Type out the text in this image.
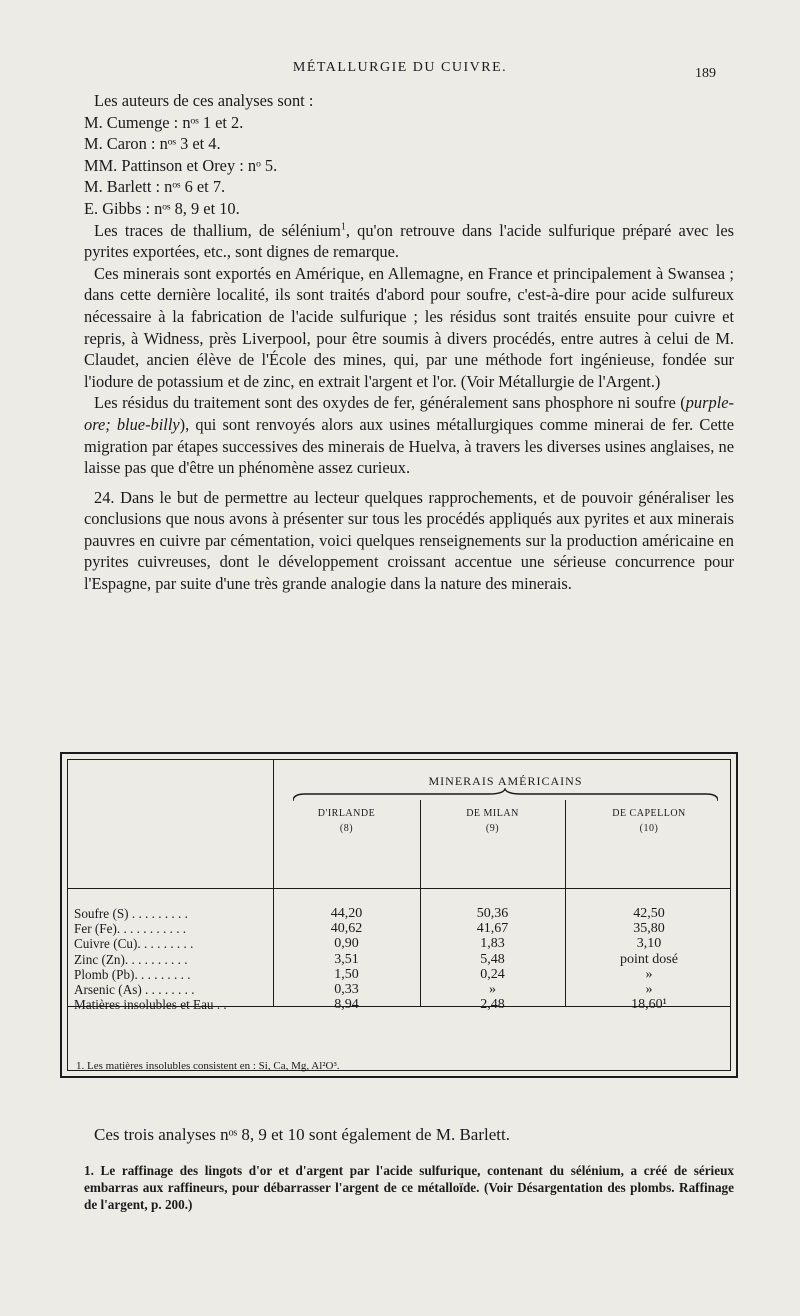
MÉTALLURGIE DU CUIVRE.	189

Les auteurs de ces analyses sont :

M. Cumenge : nᵒˢ 1 et 2.

M. Caron : nᵒˢ 3 et 4.

MM. Pattinson et Orey : nᵒ 5.

M. Barlett : nᵒˢ 6 et 7.

E. Gibbs : nᵒˢ 8, 9 et 10.

Les traces de thallium, de sélénium$^1$, qu'on retrouve dans l'acide sulfurique préparé avec les pyrites exportées, etc., sont dignes de remarque.

Ces minerais sont exportés en Amérique, en Allemagne, en France et principalement à Swansea ; dans cette dernière localité, ils sont traités d'abord pour soufre, c'est-à-dire pour acide sulfureux nécessaire à la fabrication de l'acide sulfurique ; les résidus sont traités ensuite pour cuivre et repris, à Widness, près Liverpool, pour être soumis à divers procédés, entre autres à celui de M. Claudet, ancien élève de l'École des mines, qui, par une méthode fort ingénieuse, fondée sur l'iodure de potassium et de zinc, en extrait l'argent et l'or. (Voir Métallurgie de l'Argent.)

Les résidus du traitement sont des oxydes de fer, généralement sans phosphore ni soufre (purple-ore; blue-billy), qui sont renvoyés alors aux usines métallurgiques comme minerai de fer. Cette migration par étapes successives des minerais de Huelva, à travers les diverses usines anglaises, ne laisse pas que d'être un phénomène assez curieux.

24. Dans le but de permettre au lecteur quelques rapprochements, et de pouvoir généraliser les conclusions que nous avons à présenter sur tous les procédés appliqués aux pyrites et aux minerais pauvres en cuivre par cémentation, voici quelques renseignements sur la production américaine en pyrites cuivreuses, dont le développement croissant accentue une sérieuse concurrence pour l'Espagne, par suite d'une très grande analogie dans la nature des minerais.

MINERAIS AMÉRICAINS
D'IRLANDE
(8)
DE MILAN
(9)
DE CAPELLON
(10)
Soufre (S) . . . . . . . . .
Fer (Fe). . . . . . . . . . .
Cuivre (Cu). . . . . . . . .
Zinc (Zn). . . . . . . . . .
Plomb (Pb). . . . . . . . .
Arsenic (As) . . . . . . . .
Matières insolubles et Eau . .
44,20
40,62
0,90
3,51
1,50
0,33
8,94
50,36
41,67
1,83
5,48
0,24
»
2,48
42,50
35,80
3,10
point dosé
»
»
18,60¹
1. Les matières insolubles consistent en : Si, Ca, Mg, Al²O³.
Ces trois analyses nᵒˢ 8, 9 et 10 sont également de M. Barlett.
1. Le raffinage des lingots d'or et d'argent par l'acide sulfurique, contenant du sélénium, a créé de sérieux embarras aux raffineurs, pour débarrasser l'argent de ce métalloïde. (Voir Désargentation des plombs. Raffinage de l'argent, p. 200.)
